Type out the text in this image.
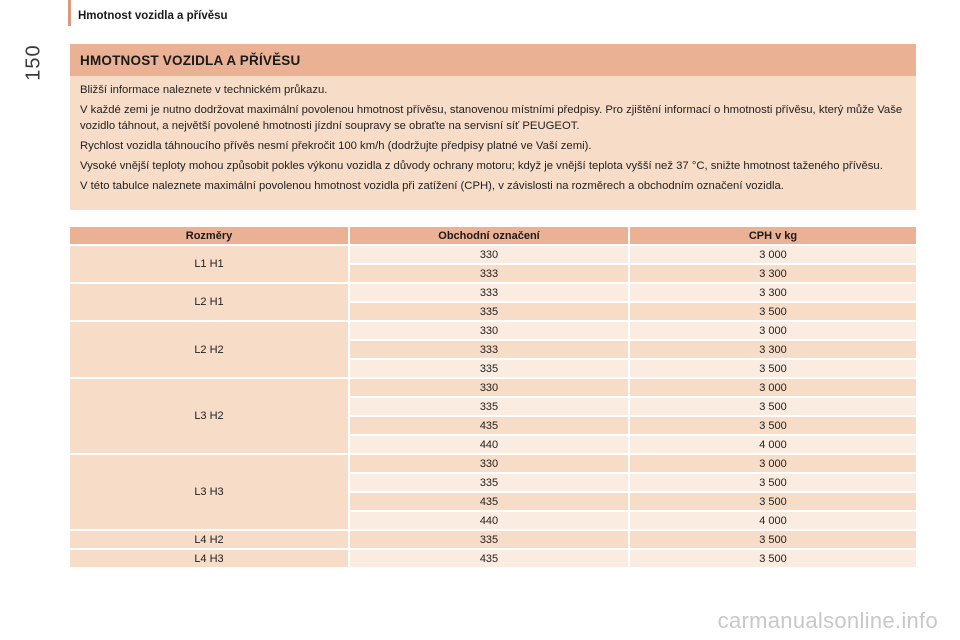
150
Hmotnost vozidla a přívěsu
HMOTNOST VOZIDLA A PŘÍVĚSU

Bližší informace naleznete v technickém průkazu.

V každé zemi je nutno dodržovat maximální povolenou hmotnost přívěsu, stanovenou místními předpisy. Pro zjištění informací o hmotnosti přívěsu, který může Vaše vozidlo táhnout, a největší povolené hmotnosti jízdní soupravy se obraťte na servisní síť PEUGEOT.

Rychlost vozidla táhnoucího přívěs nesmí překročit 100 km/h (dodržujte předpisy platné ve Vaší zemi).

Vysoké vnější teploty mohou způsobit pokles výkonu vozidla z důvody ochrany motoru; když je vnější teplota vyšší než 37 °C, snižte hmotnost taženého přívěsu.

V této tabulce naleznete maximální povolenou hmotnost vozidla při zatížení (CPH), v závislosti na rozměrech a obchodním označení vozidla.

Rozměry	Obchodní označení	CPH v kg
L1 H1	330	3 000
	333	3 300
L2 H1	333	3 300
	335	3 500
L2 H2	330	3 000
	333	3 300
	335	3 500
L3 H2	330	3 000
	335	3 500
	435	3 500
	440	4 000
L3 H3	330	3 000
	335	3 500
	435	3 500
	440	4 000
L4 H2	335	3 500
L4 H3	435	3 500
carmanualsonline.info
